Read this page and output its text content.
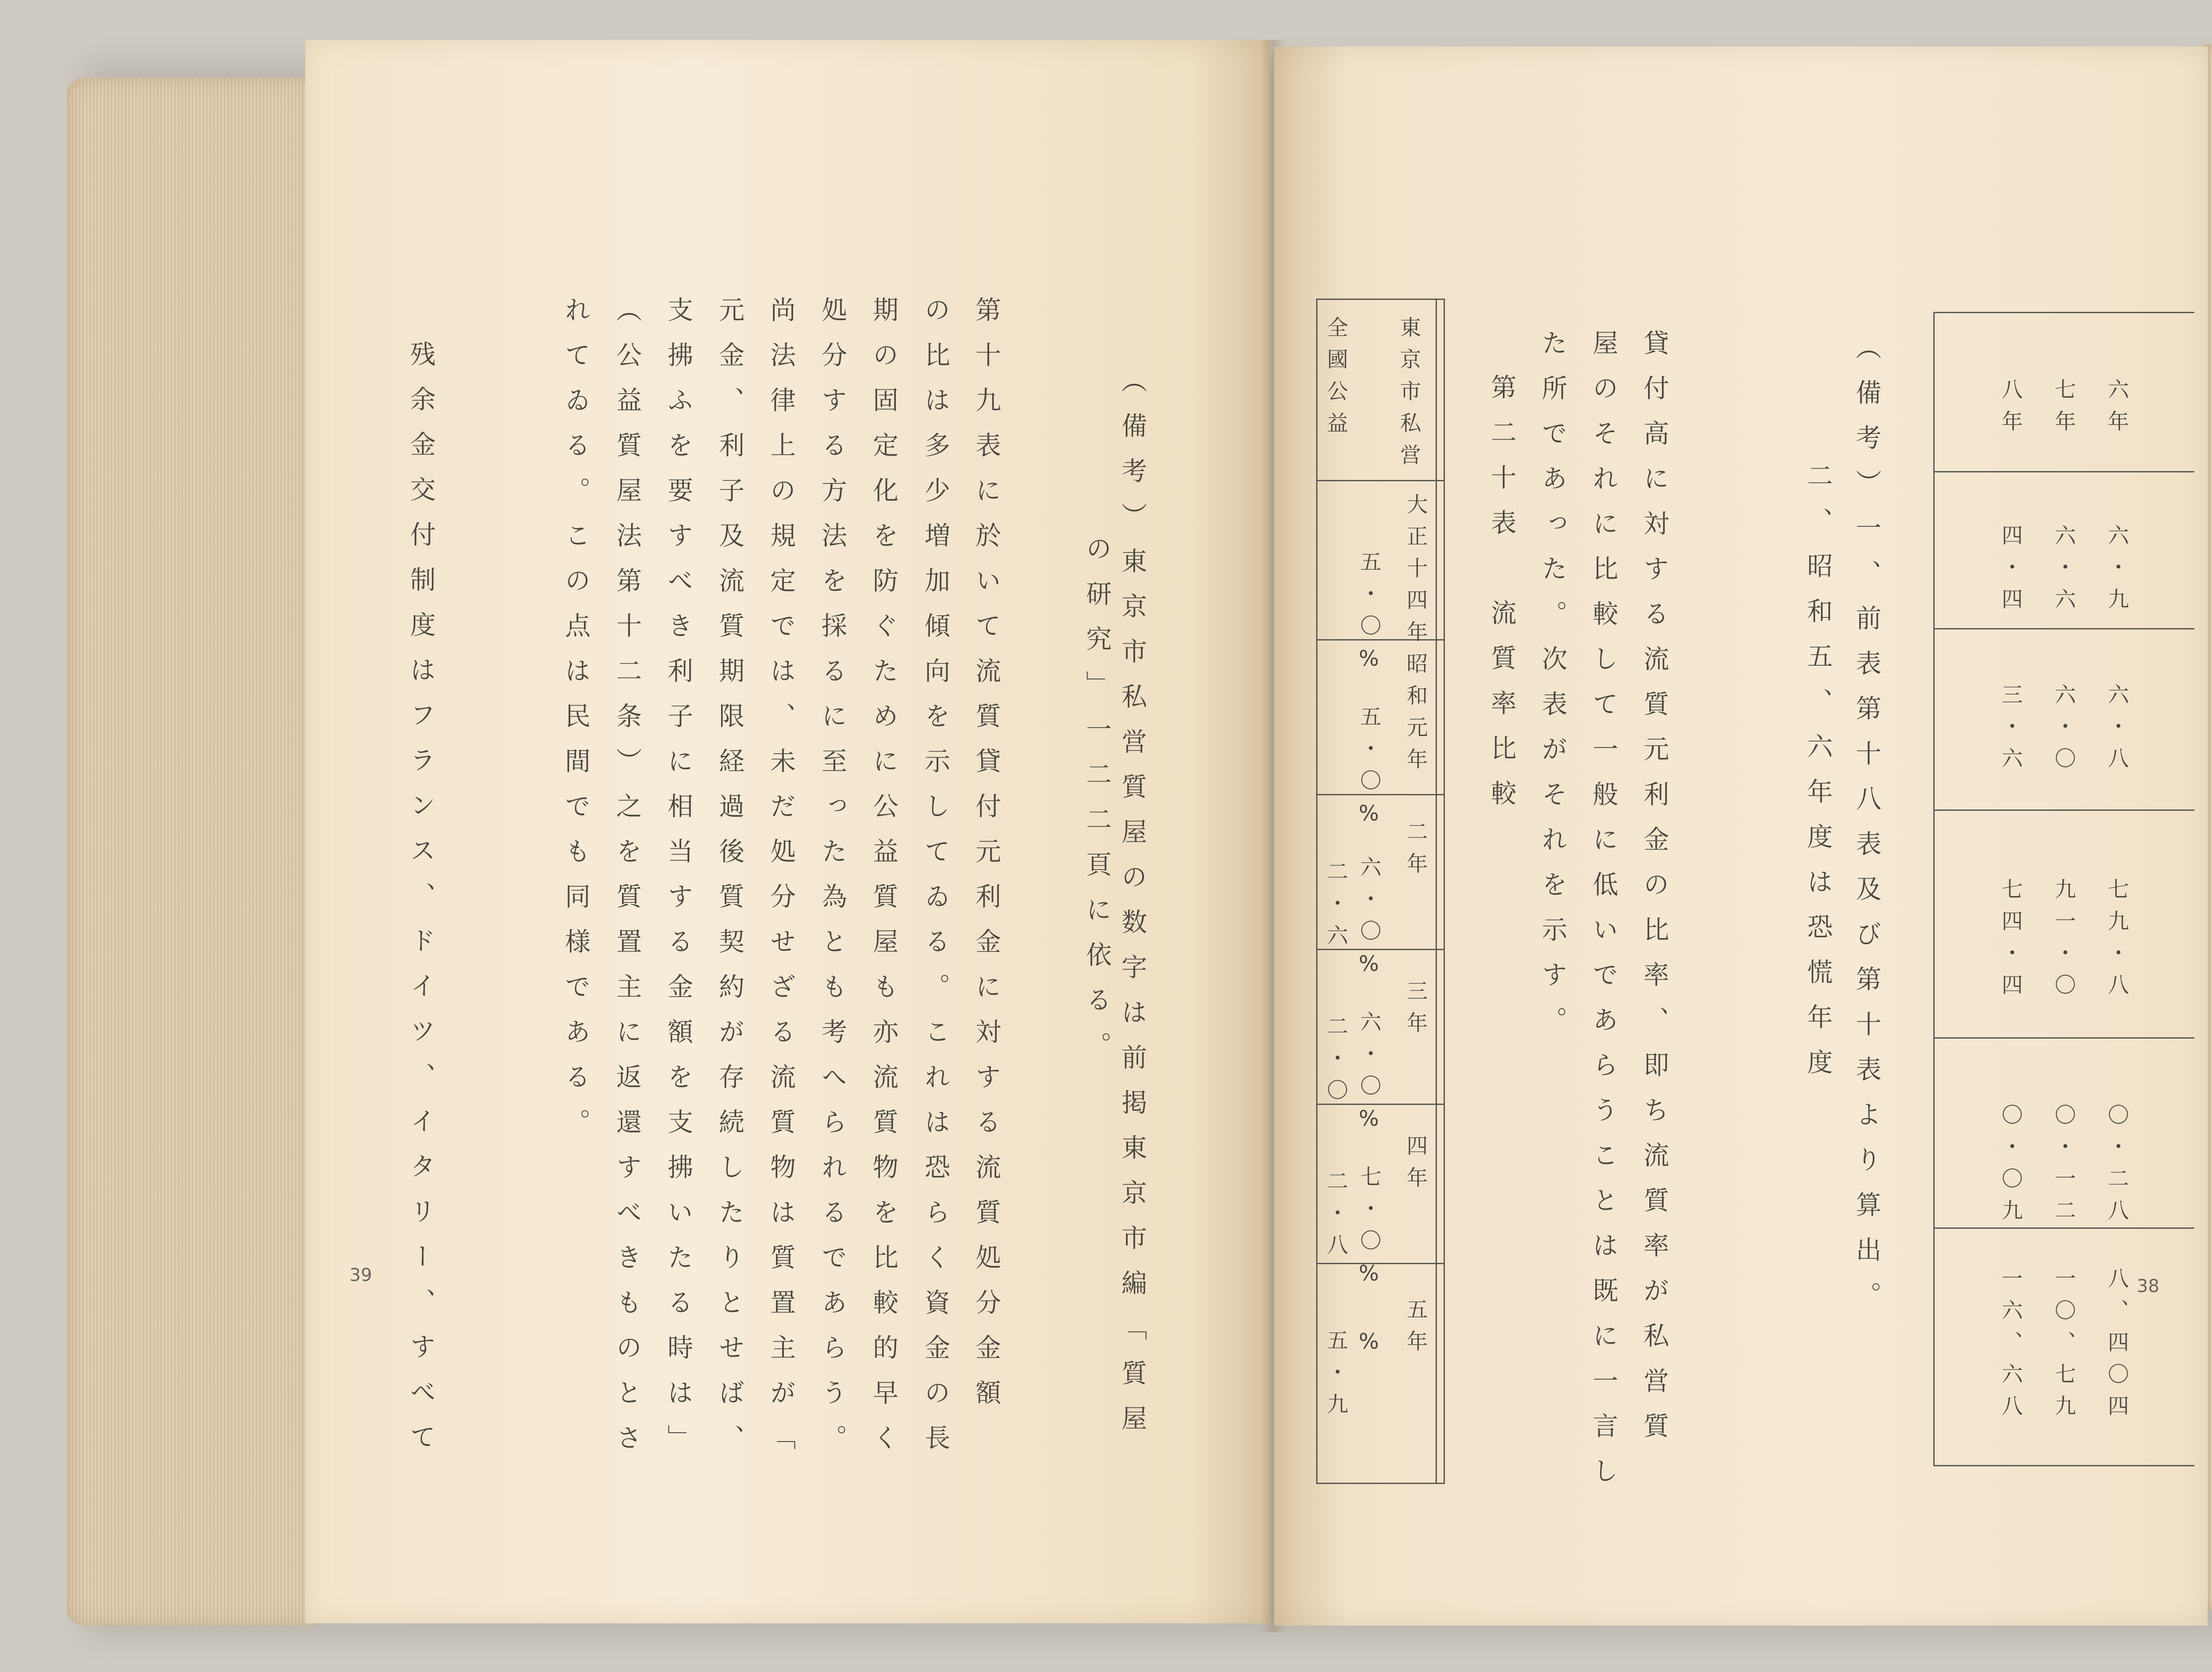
（備考）東京市私営質屋の数字は前掲東京市編「質屋
の研究」一二二頁に依る。
第十九表に於いて流質貸付元利金に対する流質処分金額
の比は多少増加傾向を示してゐる。これは恐らく資金の長
期の固定化を防ぐために公益質屋も亦流質物を比較的早く
処分する方法を採るに至った為とも考へられるであらう。
尚法律上の規定では、未だ処分せざる流質物は質置主が「
元金、利子及流質期限経過後質契約が存続したりとせば、
支拂ふを要すべき利子に相当する金額を支拂いたる時は」
（公益質屋法第十二条）之を質置主に返還すべきものとさ
れてゐる。この点は民間でも同様である。
残余金交付制度はフランス、ドイツ、イタリー、すべて
39	（備考）一、前表第十八表及び第十表より算出。
二、昭和五、六年度は恐慌年度
貸付高に対する流質元利金の比率、即ち流質率が私営質
屋のそれに比較して一般に低いであらうことは既に一言し
た所であった。次表がそれを示す。
第二十表　流質率比較
東京市私営
全國公益
大正十四年
五・〇%
昭和元年
五・〇%
二年
六・〇%
二・六
三年
六・〇%
二・〇
四年
七・〇%
二・八
五年
%
五・九
六年
七年
八年
六・九
六・六
四・四
六・八
六・〇
三・六
七九・八
九一・〇
七四・四
〇・二八
〇・一二
〇・〇九
八、四〇四
一〇、七九
一六、六八	38
